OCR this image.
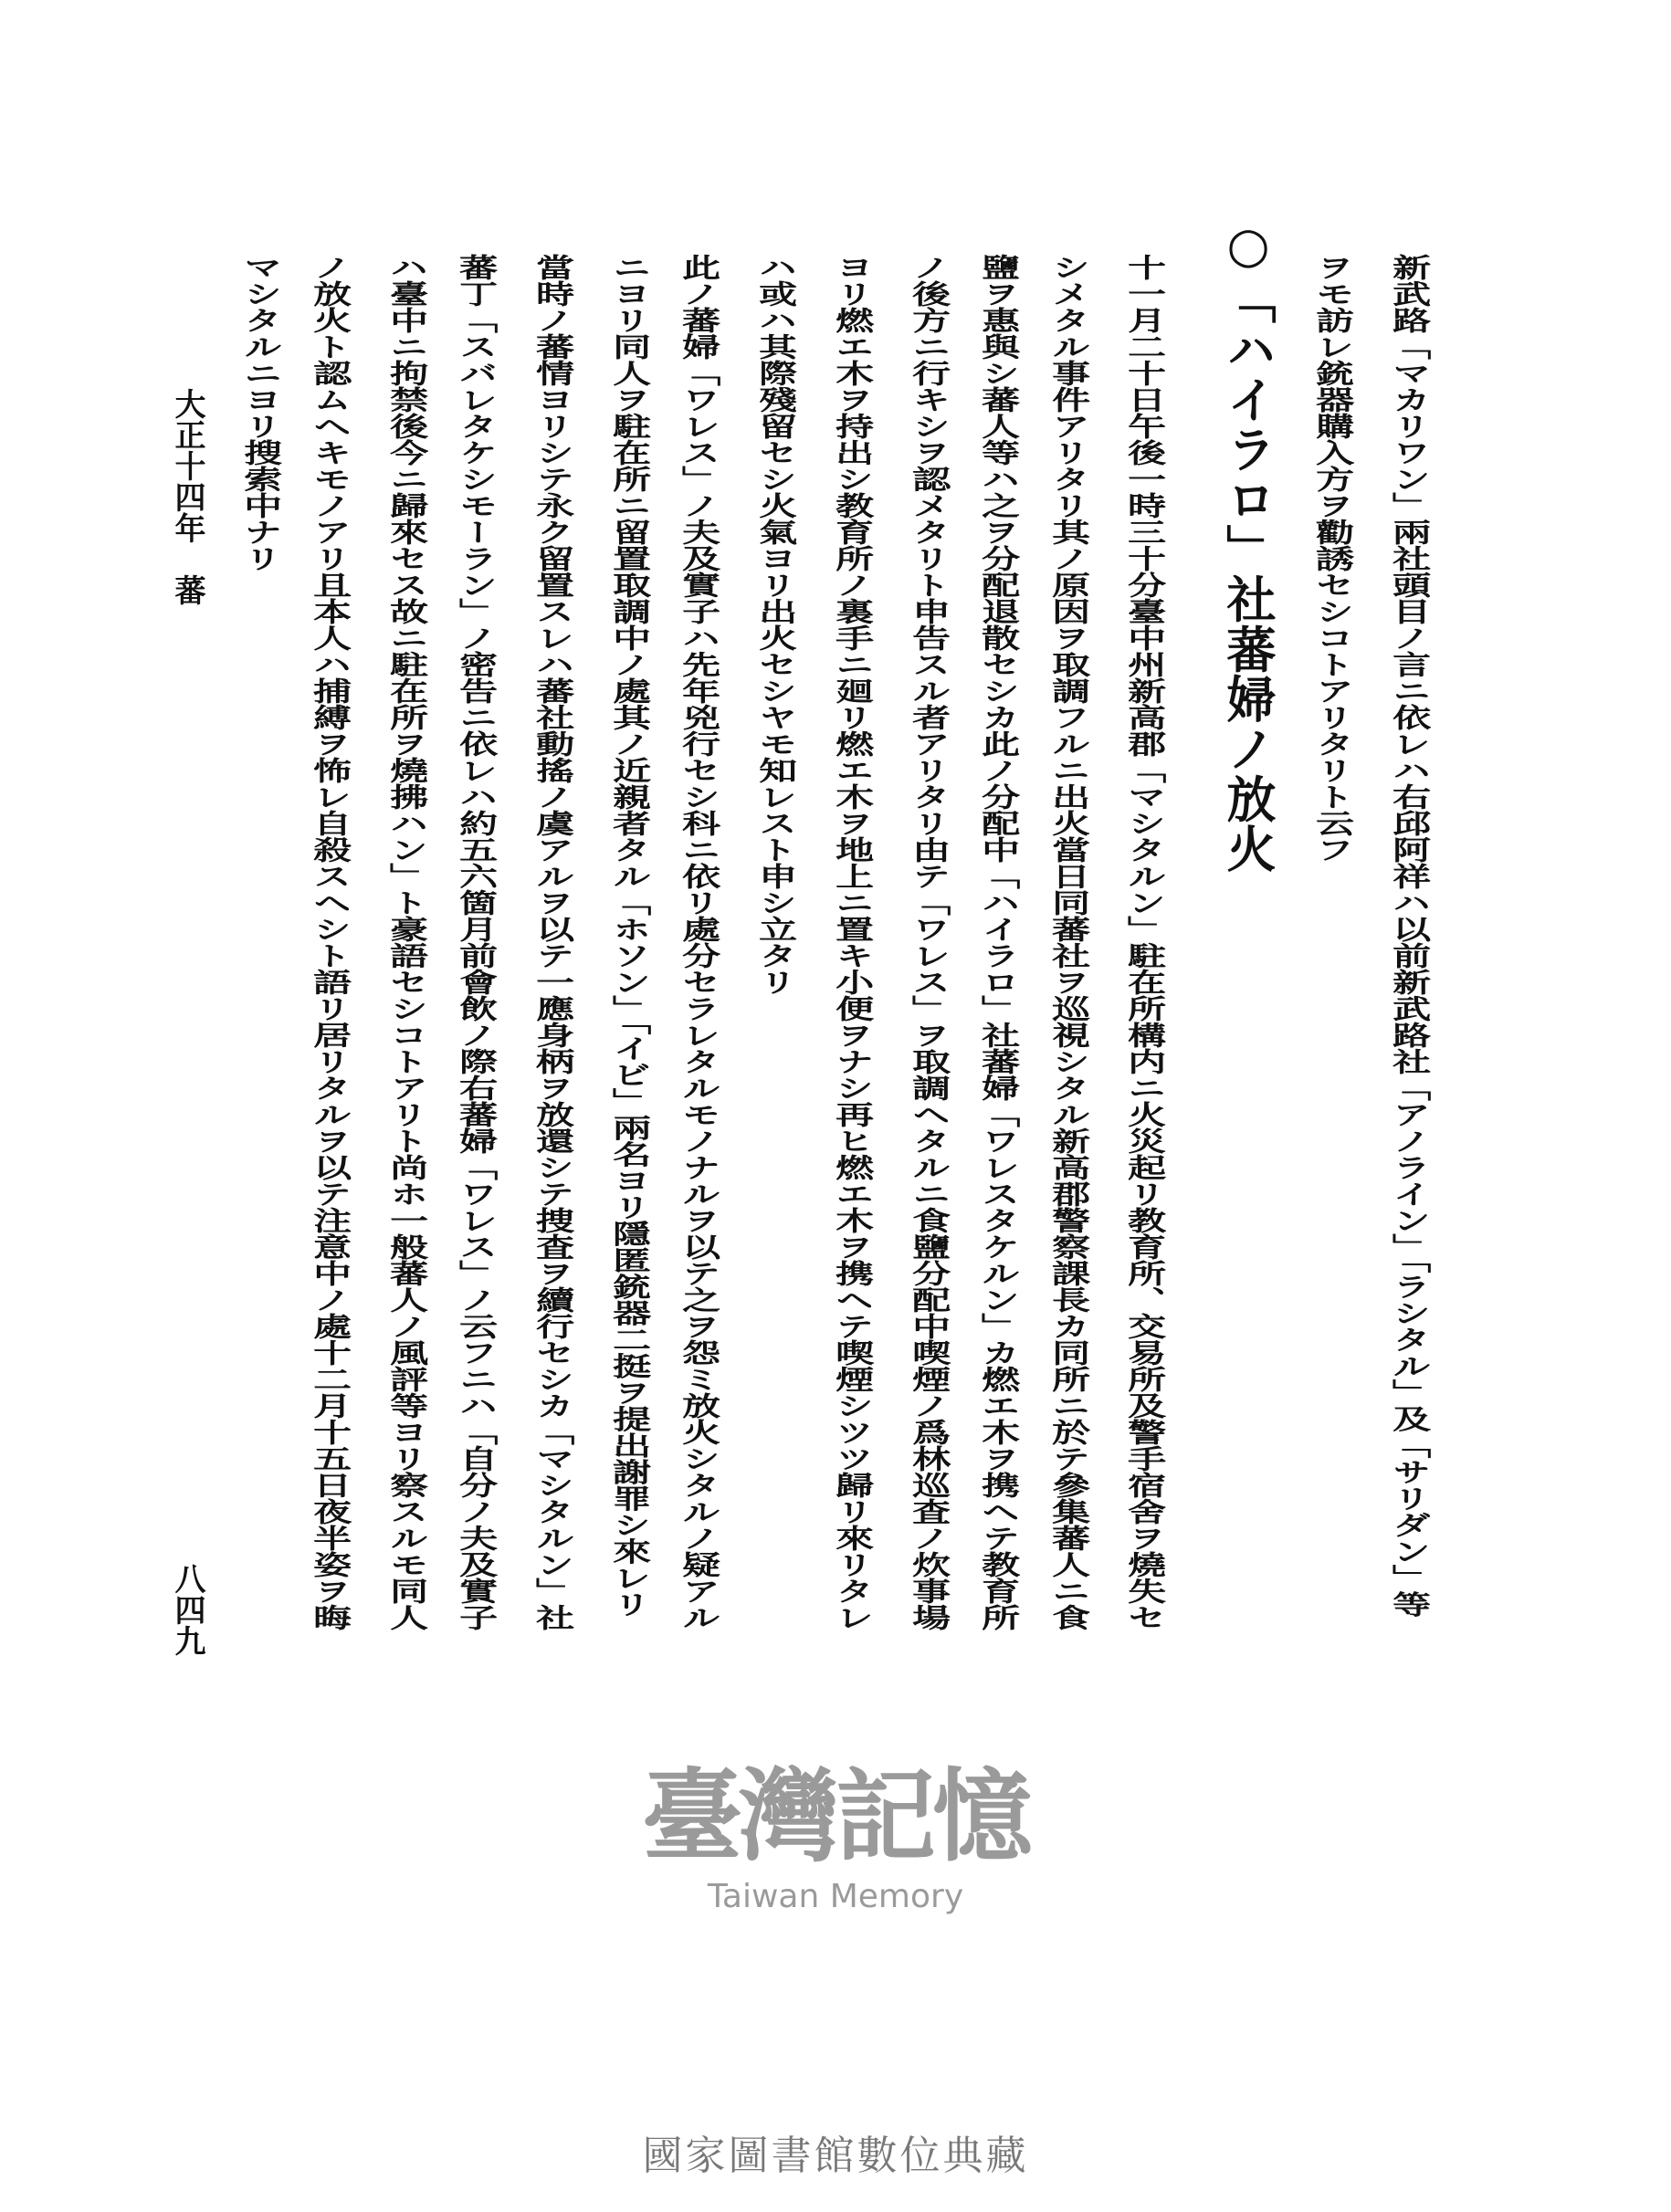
新武路「マカリワン」兩社頭目ノ言ニ依レハ右邱阿祥ハ以前新武路社「アノライン」「ラシタル」及「サリダン」等
ヲモ訪レ銃器購入方ヲ勸誘セシコトアリタリト云フ
○「ハイラロ」社蕃婦ノ放火
十一月二十日午後一時三十分臺中州新高郡「マシタルン」駐在所構内ニ火災起リ教育所、交易所及警手宿舍ヲ燒失セ
シメタル事件アリタリ其ノ原因ヲ取調フルニ出火當日同蕃社ヲ巡視シタル新高郡警察課長カ同所ニ於テ參集蕃人ニ食
鹽ヲ惠與シ蕃人等ハ之ヲ分配退散セシカ此ノ分配中「ハイラロ」社蕃婦「ワレスタケルン」カ燃エ木ヲ携ヘテ教育所
ノ後方ニ行キシヲ認メタリト申告スル者アリタリ由テ「ワレス」ヲ取調ヘタルニ食鹽分配中喫煙ノ爲林巡査ノ炊事場
ヨリ燃エ木ヲ持出シ教育所ノ裏手ニ廻リ燃エ木ヲ地上ニ置キ小便ヲナシ再ヒ燃エ木ヲ携ヘテ喫煙シツツ歸リ來リタレ
ハ或ハ其際殘留セシ火氣ヨリ出火セシヤモ知レスト申シ立タリ
此ノ蕃婦「ワレス」ノ夫及實子ハ先年兇行セシ科ニ依リ處分セラレタルモノナルヲ以テ之ヲ怨ミ放火シタルノ疑アル
ニヨリ同人ヲ駐在所ニ留置取調中ノ處其ノ近親者タル「ホソン」「イビ」兩名ヨリ隱匿銃器二挺ヲ提出謝罪シ來レリ
當時ノ蕃情ヨリシテ永ク留置スレハ蕃社動搖ノ虞アルヲ以テ一應身柄ヲ放還シテ捜査ヲ續行セシカ「マシタルン」社
蕃丁「スバレタケシモーラン」ノ密告ニ依レハ約五六箇月前會飲ノ際右蕃婦「ワレス」ノ云フニハ「自分ノ夫及實子
ハ臺中ニ拘禁後今ニ歸來セス故ニ駐在所ヲ燒拂ハン」ト豪語セシコトアリト尚ホ一般蕃人ノ風評等ヨリ察スルモ同人
ノ放火ト認ムヘキモノアリ且本人ハ捕縛ヲ怖レ自殺スヘシト語リ居リタルヲ以テ注意中ノ處十二月十五日夜半姿ヲ晦
マシタルニヨリ搜索中ナリ
大正十四年　蕃
八四九
臺灣記憶
Taiwan Memory
國家圖書館數位典藏
